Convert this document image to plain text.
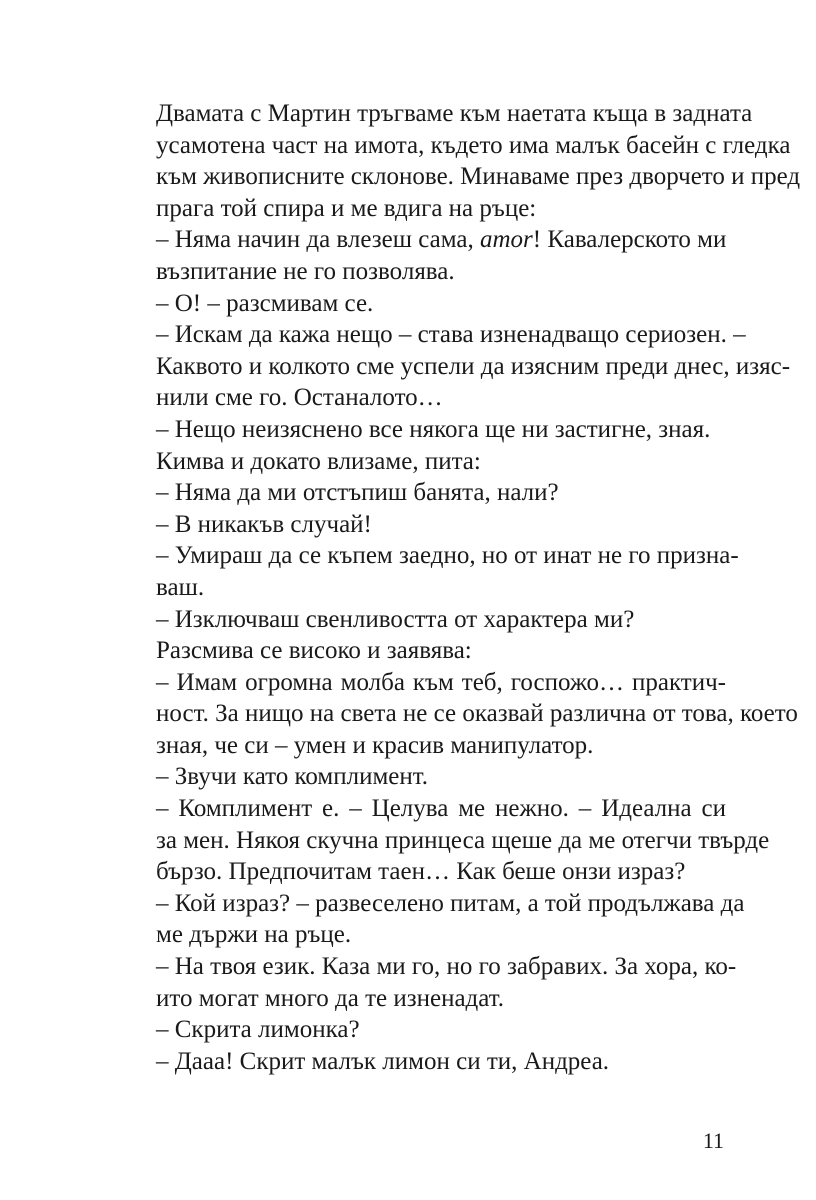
Двамата с Мартин тръгваме към наетата къща в задната
усамотена част на имота, където има малък басейн с гледка
към живописните склонове. Минаваме през дворчето и пред
прага той спира и ме вдига на ръце:

– Няма начин да влезеш сама, amor! Кавалерското ми
възпитание не го позволява.

– О! – разсмивам се.

– Искам да кажа нещо – става изненадващо сериозен. –
Каквото и колкото сме успели да изясним преди днес, изяс-
нили сме го. Останалото…

– Нещо неизяснено все някога ще ни застигне, зная.

Кимва и докато влизаме, пита:

– Няма да ми отстъпиш банята, нали?

– В никакъв случай!

– Умираш да се къпем заедно, но от инат не го призна-
ваш.

– Изключваш свенливостта от характера ми?

Разсмива се високо и заявява:

– Имам огромна молба към теб, госпожо… практич-
ност. За нищо на света не се оказвай различна от това, което
зная, че си – умен и красив манипулатор.

– Звучи като комплимент.

– Комплимент е. – Целува ме нежно. – Идеална си
за мен. Някоя скучна принцеса щеше да ме отегчи твърде
бързо. Предпочитам таен… Как беше онзи израз?

– Кой израз? – развеселено питам, а той продължава да
ме държи на ръце.

– На твоя език. Каза ми го, но го забравих. За хора, ко-
ито могат много да те изненадат.

– Скрита лимонка?

– Дааа! Скрит малък лимон си ти, Андреа.

11
